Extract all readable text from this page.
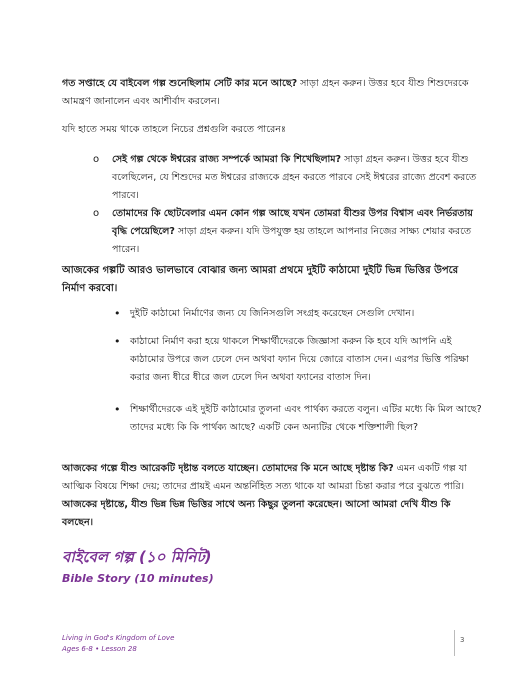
গত সপ্তাহে যে বাইবেল গল্প শুনেছিলাম সেটি কার মনে আছে? সাড়া গ্রহন করুন। উত্তর হবে যীশু শিশুদেরকে আমন্ত্রণ জানালেন এবং আশীর্বাদ করলেন।

যদি হাতে সময় থাকে তাহলে নিচের প্রশ্নগুলি করতে পারেনঃ

o সেই গল্প থেকে ঈশ্বরের রাজ্য সম্পর্কে আমরা কি শিখেছিলাম? সাড়া গ্রহন করুন। উত্তর হবে যীশু বলেছিলেন, যে শিশুদের মত ঈশ্বরের রাজ্যকে গ্রহন করতে পারবে সেই ঈশ্বরের রাজ্যে প্রবেশ করতে পারবে।

o তোমাদের কি ছোটবেলার এমন কোন গল্প আছে যখন তোমরা যীশুর উপর বিশ্বাস এবং নির্ভরতায় বৃদ্ধি পেয়েছিলে? সাড়া গ্রহন করুন। যদি উপযুক্ত হয় তাহলে আপনার নিজের সাক্ষ্য শেয়ার করতে পারেন।

আজকের গল্পটি আরও ভালভাবে বোঝার জন্য আমরা প্রথমে দুইটি কাঠামো দুইটি ভিন্ন ভিত্তির উপরে নির্মাণ করবো।

• দুইটি কাঠামো নির্মাণের জন্য যে জিনিসগুলি সংগ্রহ করেছেন সেগুলি দেখান।

• কাঠামো নির্মাণ করা হয়ে থাকলে শিক্ষার্থীদেরকে জিজ্ঞাসা করুন কি হবে যদি আপনি এই কাঠামোর উপরে জল ঢেলে দেন অথবা ফ্যান দিয়ে জোরে বাতাস দেন। এরপর ভিত্তি পরিক্ষা করার জন্য ধীরে ধীরে জল ঢেলে দিন অথবা ফ্যানের বাতাস দিন।

• শিক্ষার্থীদেরকে এই দুইটি কাঠামোর তুলনা এবং পার্থক্য করতে বলুন। এটির মধ্যে কি মিল আছে? তাদের মধ্যে কি কি পার্থক্য আছে? একটি কেন অন্যটির থেকে শক্তিশালী ছিল?

আজকের গল্পে যীশু আরেকটি দৃষ্টান্ত বলতে যাচ্ছেন। তোমাদের কি মনে আছে দৃষ্টান্ত কি? এমন একটি গল্প যা আত্মিক বিষয়ে শিক্ষা দেয়; তাদের প্রায়ই এমন অন্তর্নিহিত সত্য থাকে যা আমরা চিন্তা করার পরে বুঝতে পারি। আজকের দৃষ্টান্তে, যীশু ভিন্ন ভিন্ন ভিত্তির সাথে অন্য কিছুর তুলনা করেছেন। আসো আমরা দেখি যীশু কি বলছেন।

বাইবেল গল্প (১০ মিনিট)
Bible Story (10 minutes)
Living in God's Kingdom of Love
Ages 6-8 • Lesson 28
3
